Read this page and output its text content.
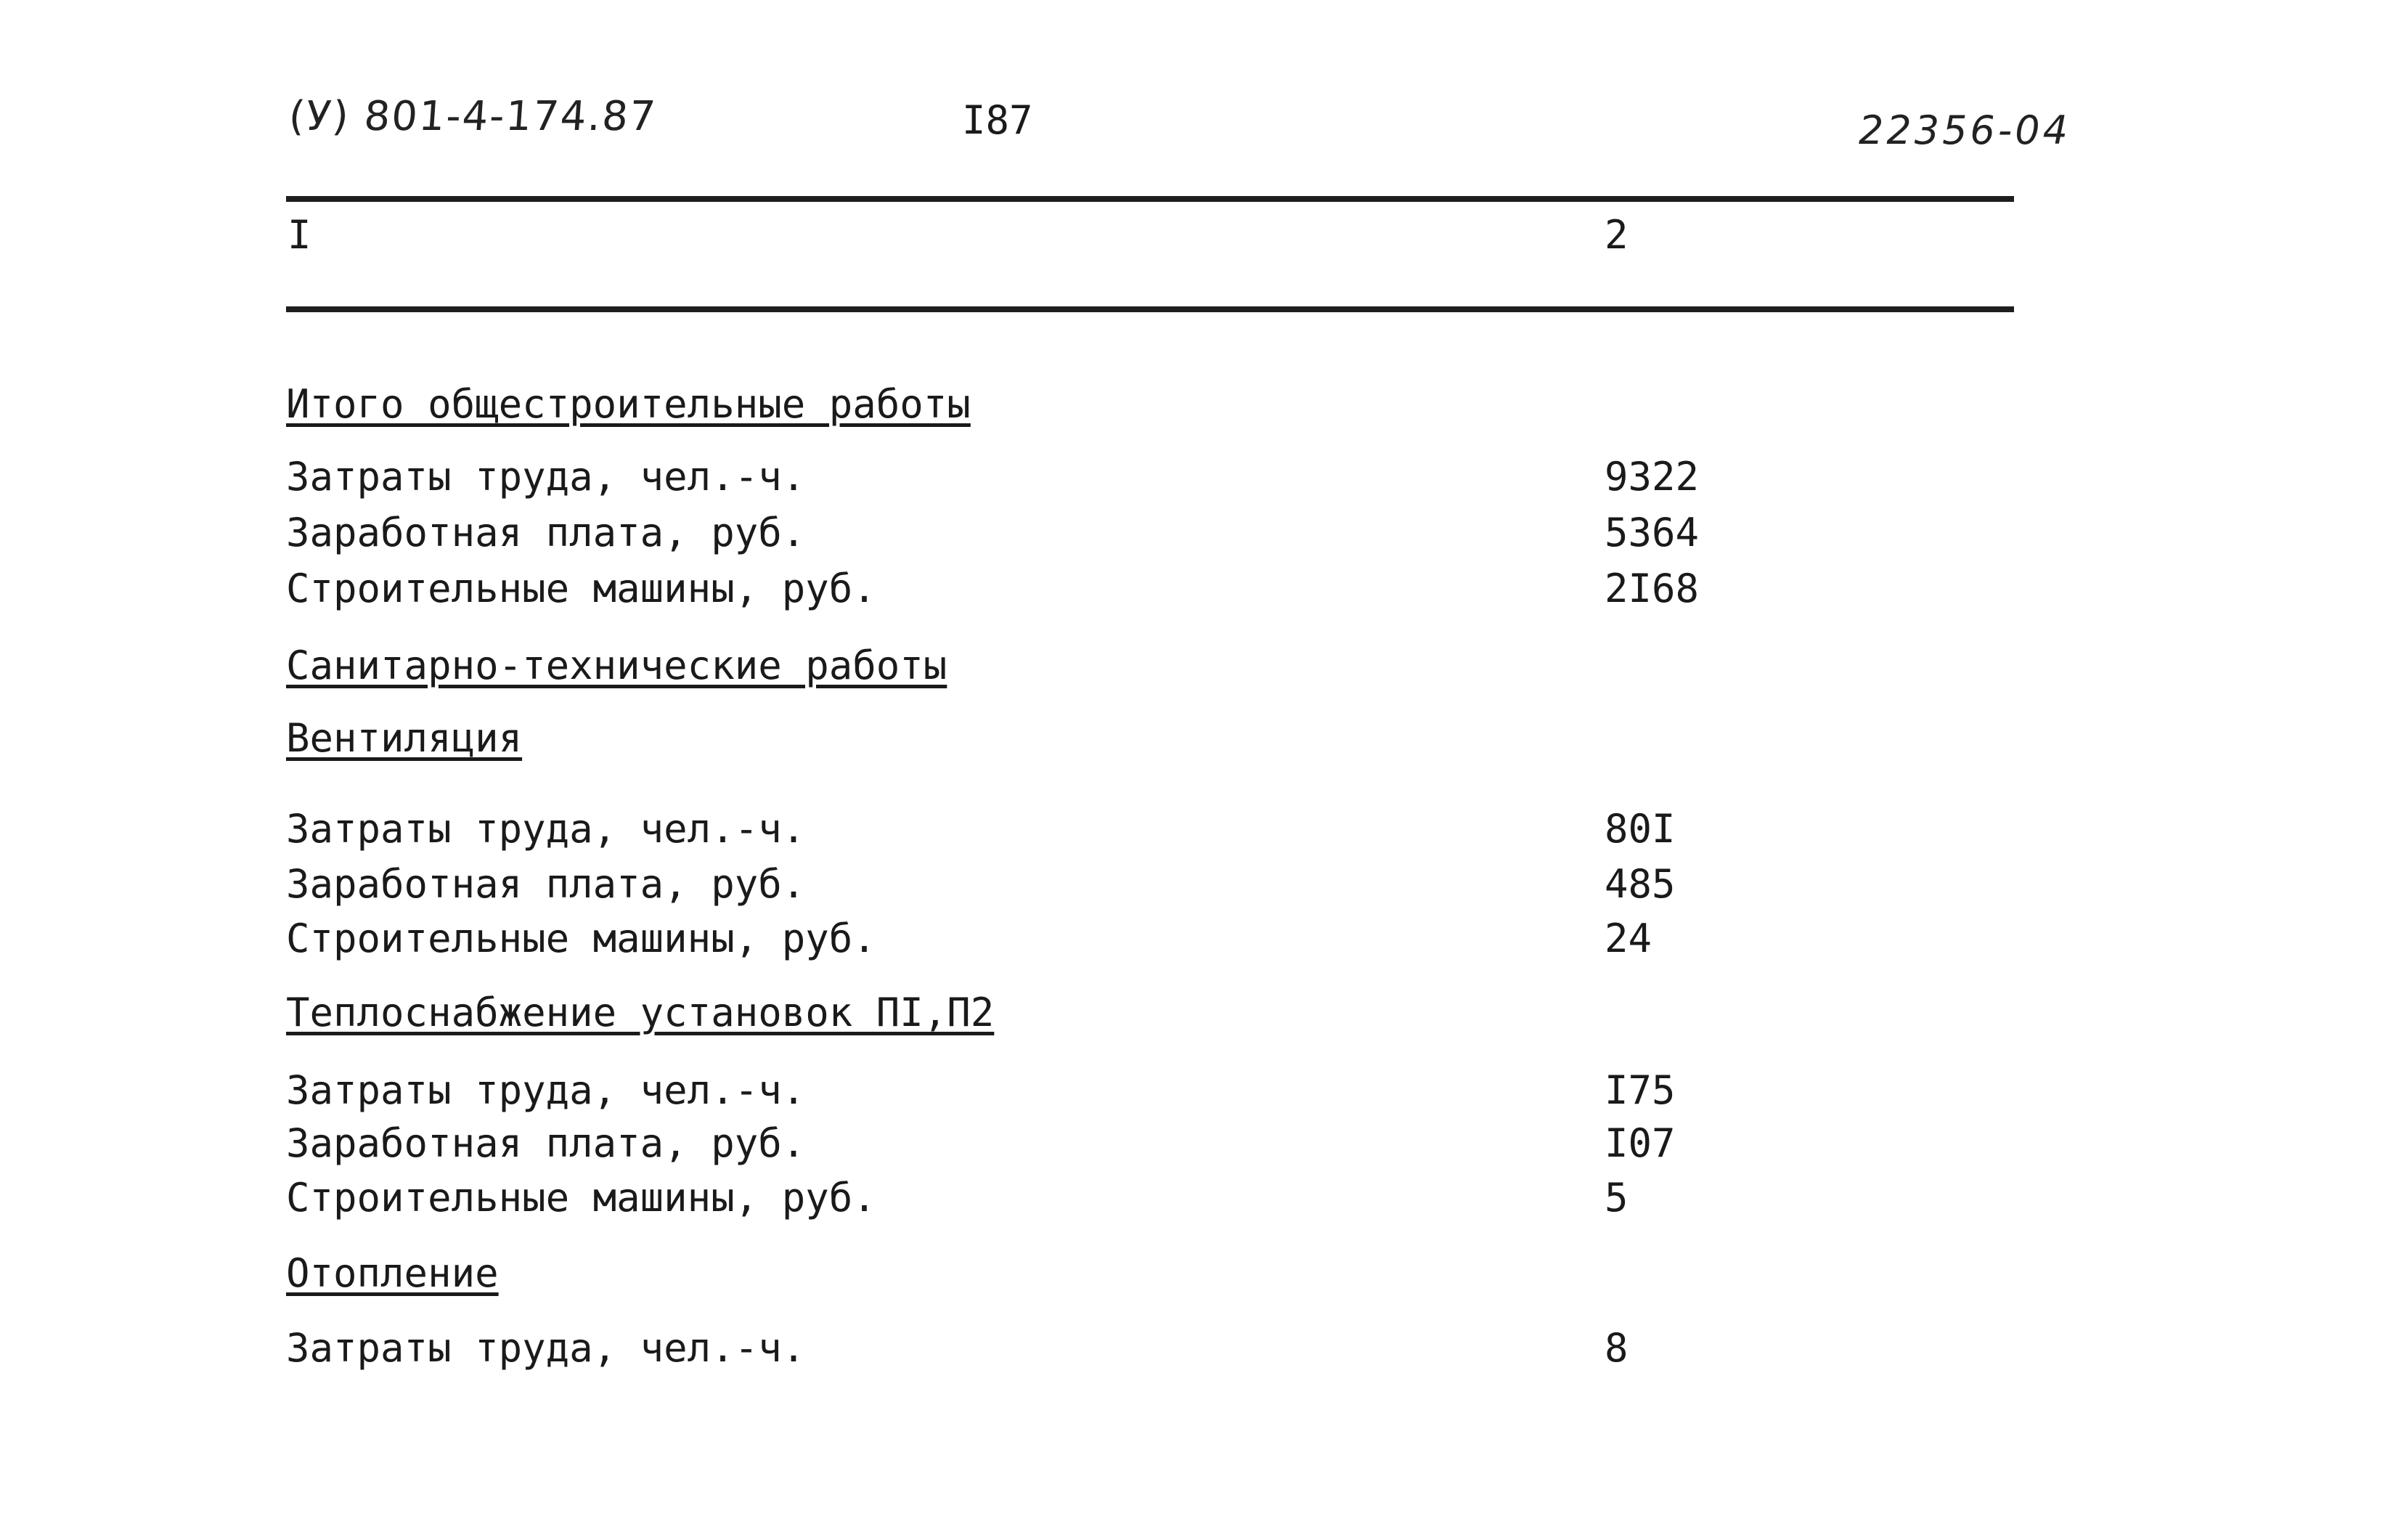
(У) 801-4-174.87	I87	22356-04
I	2
Итого общестроительные работы
Затраты труда, чел.-ч.	9322
Заработная плата, руб.	5364
Строительные машины, руб.	2I68
Санитарно-технические работы
Вентиляция
Затраты труда, чел.-ч.	80I
Заработная плата, руб.	485
Строительные машины, руб.	24
Теплоснабжение установок ПI,П2
Затраты труда, чел.-ч.	I75
Заработная плата, руб.	I07
Строительные машины, руб.	5
Отопление
Затраты труда, чел.-ч.	8
